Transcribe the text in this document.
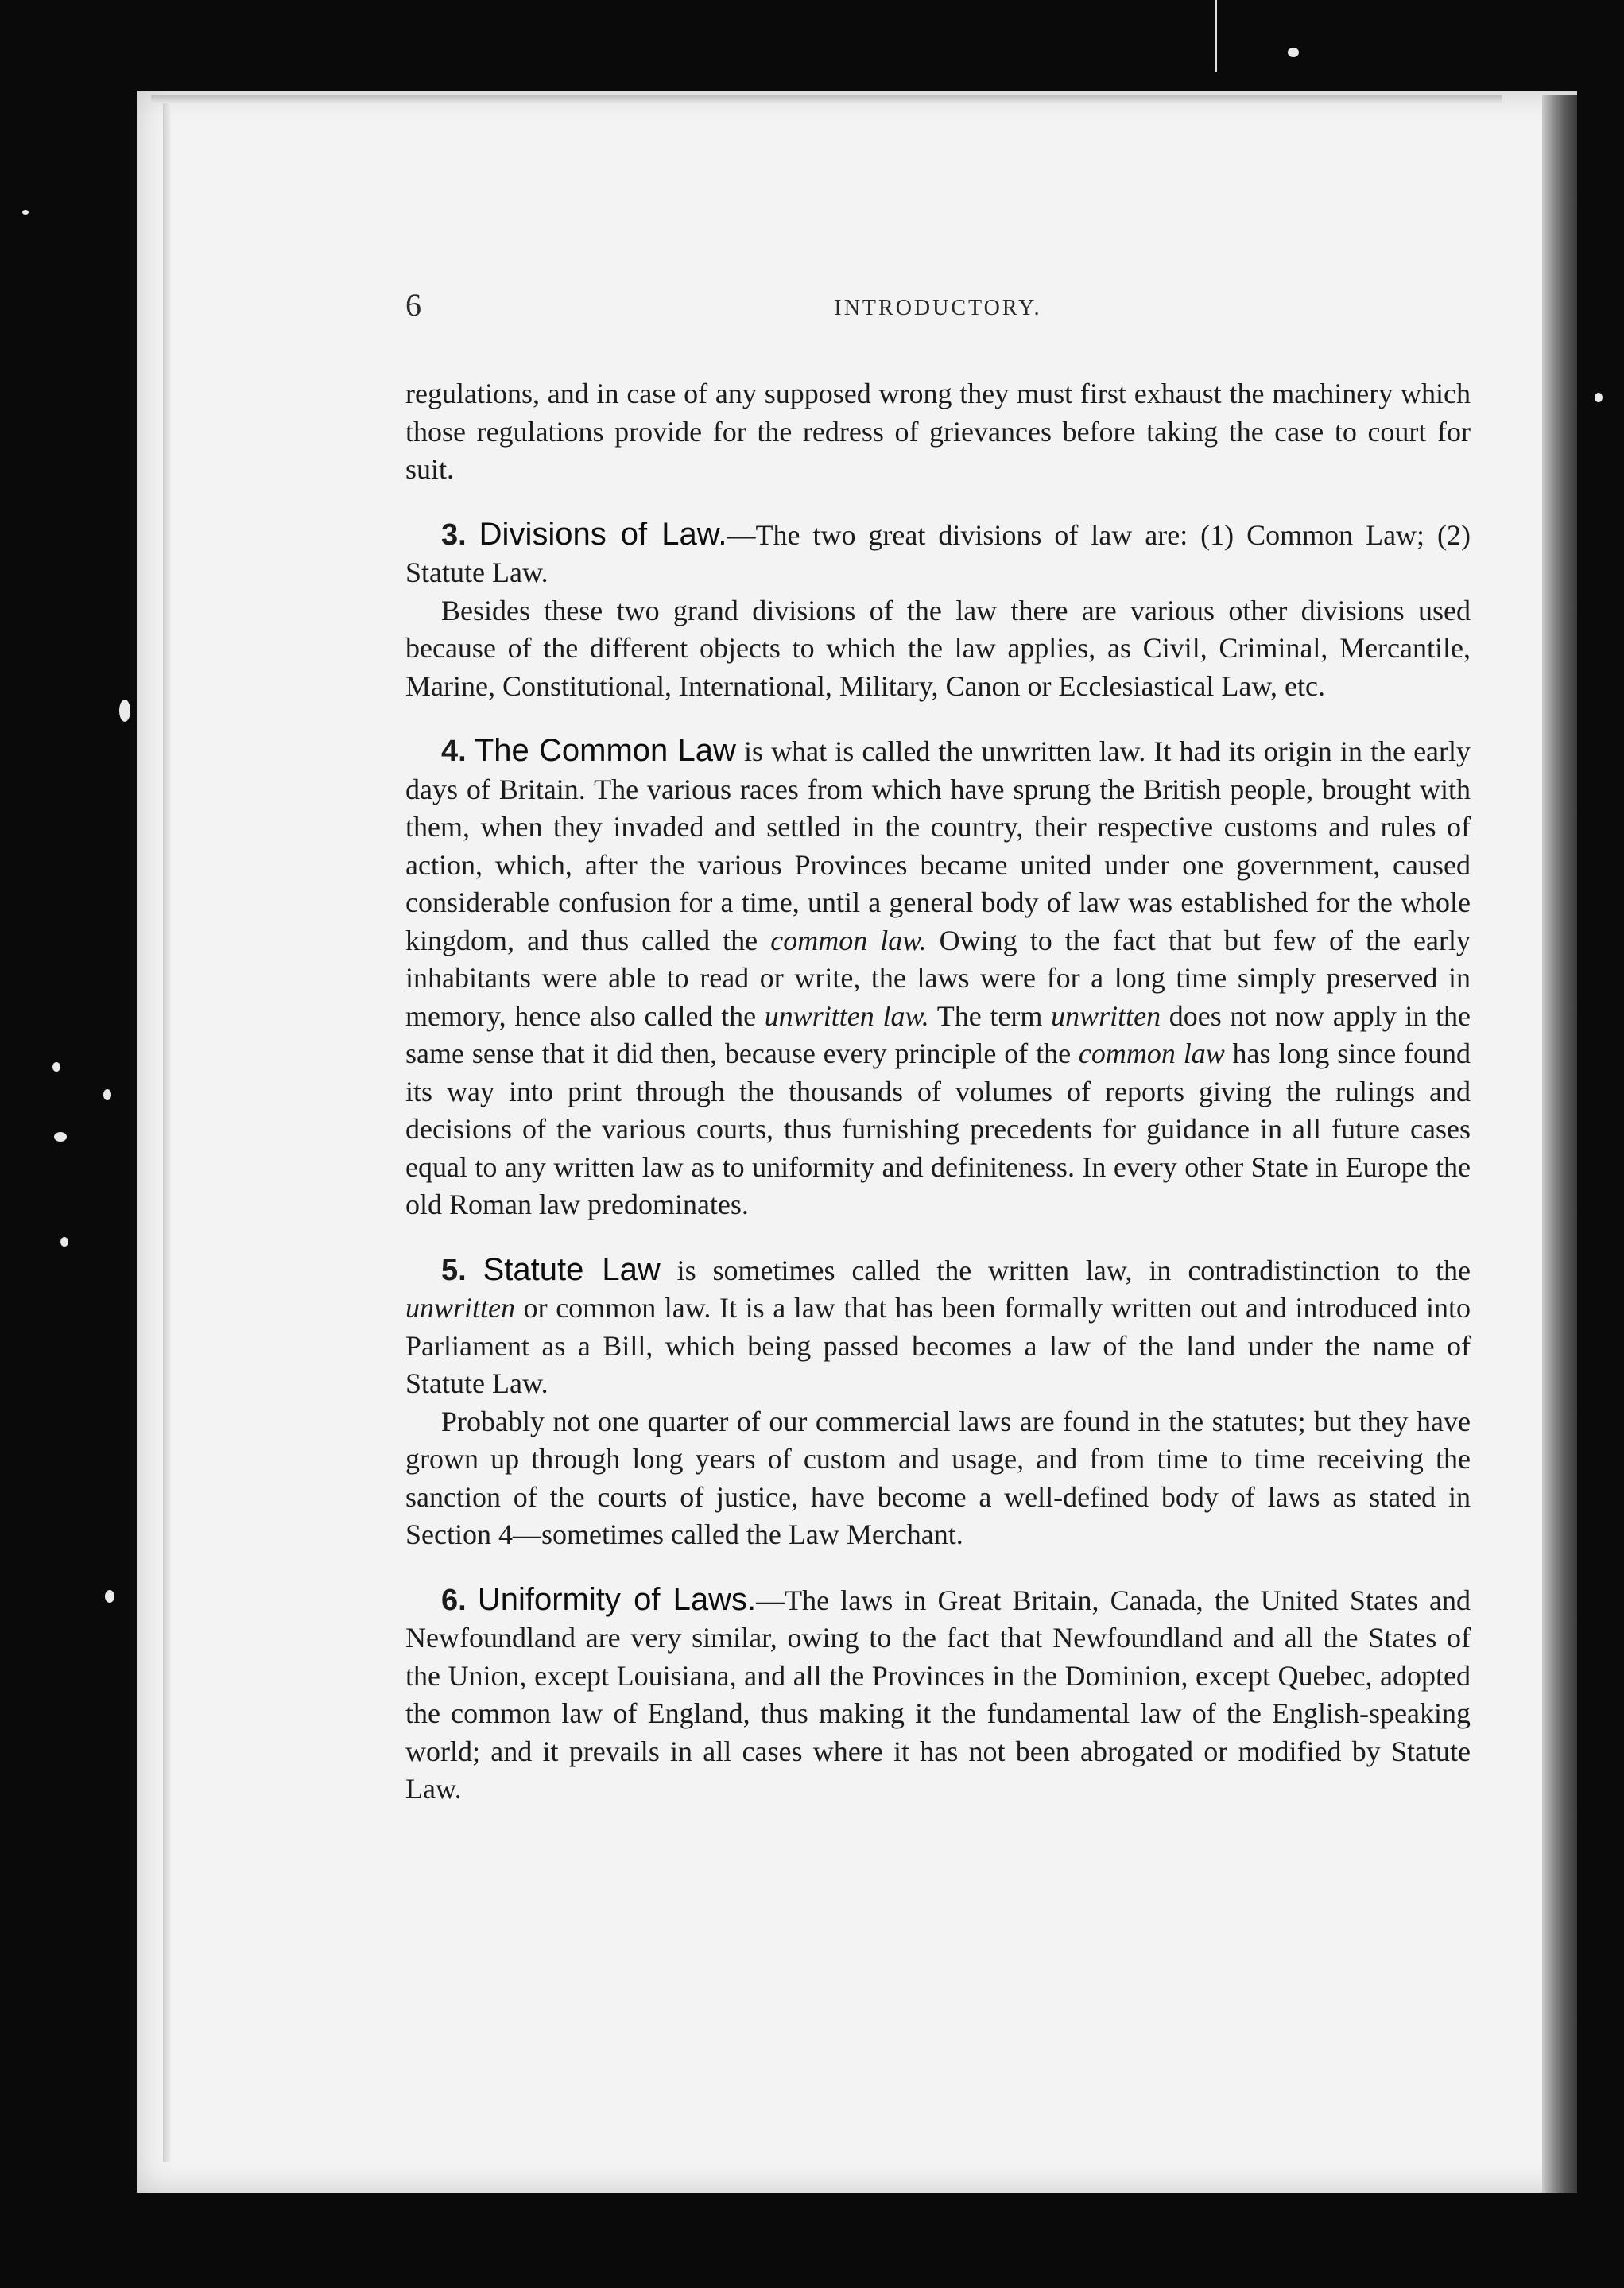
6	INTRODUCTORY.

regulations, and in case of any supposed wrong they must first exhaust the machinery which those regulations provide for the redress of grievances before taking the case to court for suit.

3. Divisions of Law.—The two great divisions of law are: (1) Common Law; (2) Statute Law.

Besides these two grand divisions of the law there are various other divisions used because of the different objects to which the law applies, as Civil, Criminal, Mercantile, Marine, Constitutional, International, Military, Canon or Ecclesiastical Law, etc.

4. The Common Law is what is called the unwritten law. It had its origin in the early days of Britain. The various races from which have sprung the British people, brought with them, when they invaded and settled in the country, their respective customs and rules of action, which, after the various Provinces became united under one government, caused considerable confusion for a time, until a general body of law was established for the whole kingdom, and thus called the common law. Owing to the fact that but few of the early inhabitants were able to read or write, the laws were for a long time simply preserved in memory, hence also called the unwritten law. The term unwritten does not now apply in the same sense that it did then, because every principle of the common law has long since found its way into print through the thousands of volumes of reports giving the rulings and decisions of the various courts, thus furnishing precedents for guidance in all future cases equal to any written law as to uniformity and definiteness. In every other State in Europe the old Roman law predominates.

5. Statute Law is sometimes called the written law, in contradistinction to the unwritten or common law. It is a law that has been formally written out and introduced into Parliament as a Bill, which being passed becomes a law of the land under the name of Statute Law.

Probably not one quarter of our commercial laws are found in the statutes; but they have grown up through long years of custom and usage, and from time to time receiving the sanction of the courts of justice, have become a well-defined body of laws as stated in Section 4—sometimes called the Law Merchant.

6. Uniformity of Laws.—The laws in Great Britain, Canada, the United States and Newfoundland are very similar, owing to the fact that Newfoundland and all the States of the Union, except Louisiana, and all the Provinces in the Dominion, except Quebec, adopted the common law of England, thus making it the fundamental law of the English-speaking world; and it prevails in all cases where it has not been abrogated or modified by Statute Law.
